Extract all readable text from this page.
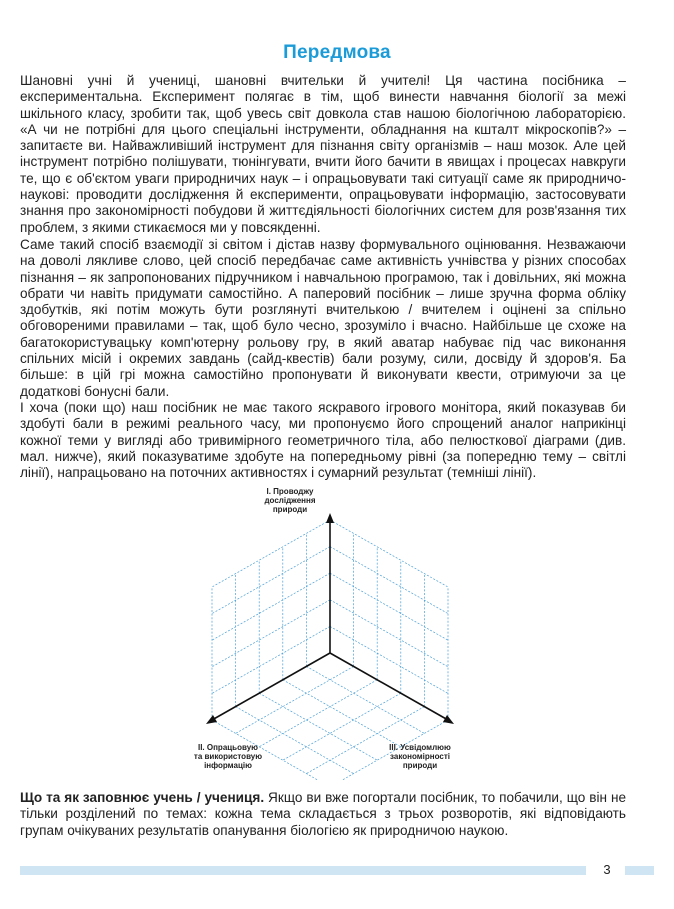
Передмова

Шановні учні й учениці, шановні вчительки й учителі! Ця частина посібника – експериментальна. Експеримент полягає в тім, щоб винести навчання біології за межі шкільного класу, зробити так, щоб увесь світ довкола став нашою біологічною лабораторією. «А чи не потрібні для цього спеціальні інструменти, обладнання на кшталт мікроскопів?» – запитаєте ви. Найважливіший інструмент для пізнання світу організмів – наш мозок. Але цей інструмент потрібно полішувати, тюнінгувати, вчити його бачити в явищах і процесах навкруги те, що є об'єктом уваги природничих наук – і опрацьовувати такі ситуації саме як природничо-наукові: проводити дослідження й експерименти, опрацьовувати інформацію, застосовувати знання про закономірності побудови й життєдіяльності біологічних систем для розв'язання тих проблем, з якими стикаємося ми у повсякденні.

Саме такий спосіб взаємодії зі світом і дістав назву формувального оцінювання. Незважаючи на доволі лякливе слово, цей спосіб передбачає саме активність учнівства у різних способах пізнання – як запропонованих підручником і навчальною програмою, так і довільних, які можна обрати чи навіть придумати самостійно. А паперовий посібник – лише зручна форма обліку здобутків, які потім можуть бути розглянуті вчителькою / вчителем і оцінені за спільно обговореними правилами – так, щоб було чесно, зрозуміло і вчасно. Найбільше це схоже на багатокористувацьку комп'ютерну рольову гру, в який аватар набуває під час виконання спільних місій і окремих завдань (сайд-квестів) бали розуму, сили, досвіду й здоров'я. Ба більше: в цій грі можна самостійно пропонувати й виконувати квести, отримуючи за це додаткові бонусні бали.

І хоча (поки що) наш посібник не має такого яскравого ігрового монітора, який показував би здобуті бали в режимі реального часу, ми пропонуємо його спрощений аналог наприкінці кожної теми у вигляді або тривимірного геометричного тіла, або пелюсткової діаграми (див. мал. нижче), який показуватиме здобуте на попередньому рівні (за попередню тему – світлі лінії), напрацьовано на поточних активностях і сумарний результат (темніші лінії).

I. Проводжу
дослідження
природи
II. Опрацьовую
та використовую
інформацію
III. Усвідомлюю
закономірності
природи

Що та як заповнює учень / учениця. Якщо ви вже погортали посібник, то побачили, що він не тільки розділений по темах: кожна тема складається з трьох розворотів, які відповідають групам очікуваних результатів опанування біологією як природничою наукою.

3
